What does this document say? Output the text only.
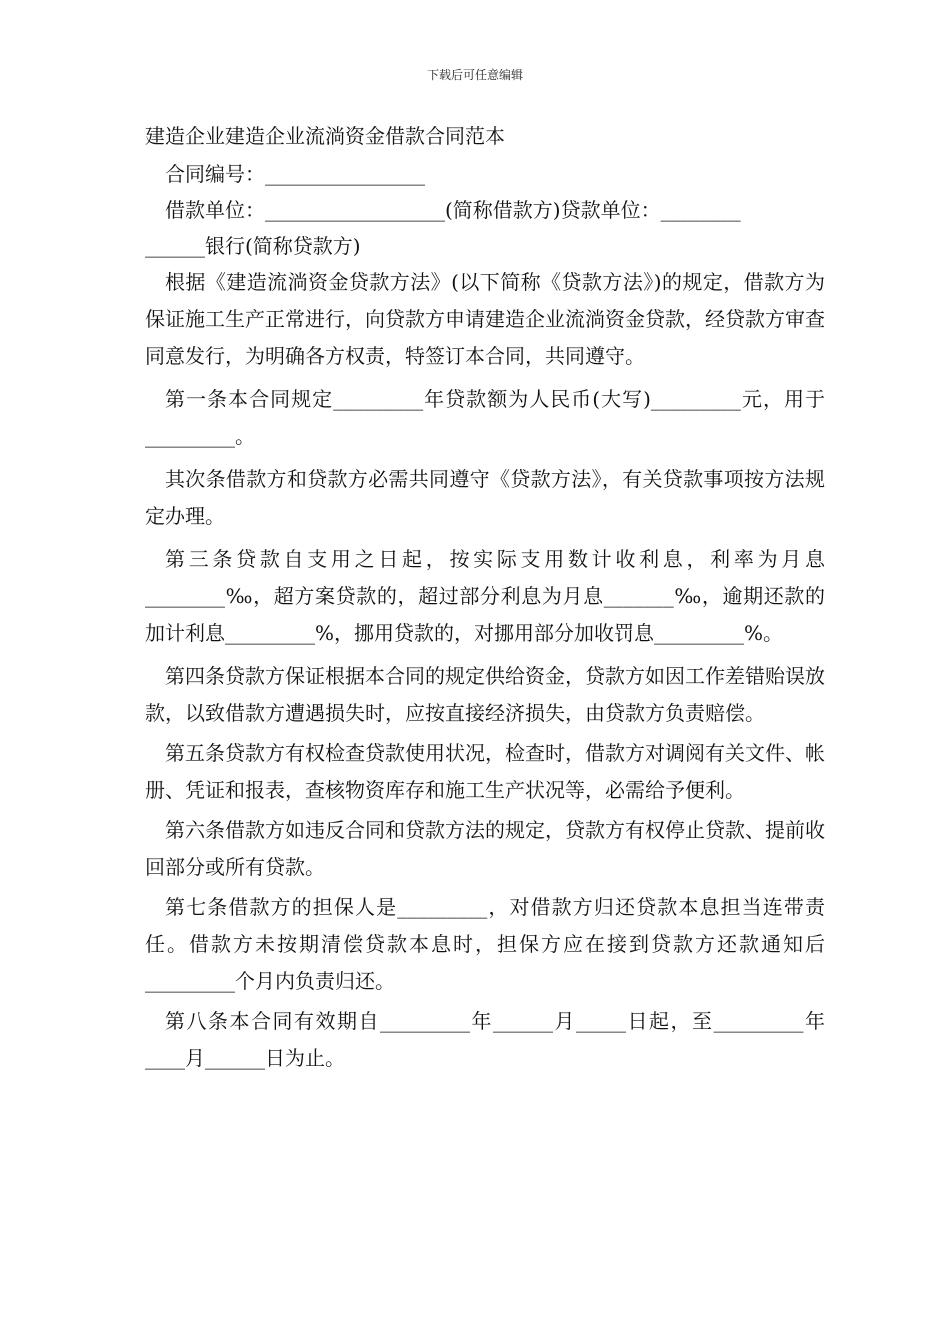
下载后可任意编辑
建造企业建造企业流淌资金借款合同范本
合同编号：________________
借款单位：__________________(简称借款方)贷款单位：________
______银行(简称贷款方)

根据《建造流淌资金贷款方法》(以下简称《贷款方法》)的规定，借款方为保证施工生产正常进行，向贷款方申请建造企业流淌资金贷款，经贷款方审查同意发行，为明确各方权责，特签订本合同，共同遵守。

第一条本合同规定_________年贷款额为人民币(大写)_________元，用于_________。

其次条借款方和贷款方必需共同遵守《贷款方法》，有关贷款事项按方法规定办理。

第三条贷款自支用之日起，按实际支用数计收利息，利率为月息________‰，超方案贷款的，超过部分利息为月息_______‰，逾期还款的加计利息_________%，挪用贷款的，对挪用部分加收罚息_________%。

第四条贷款方保证根据本合同的规定供给资金，贷款方如因工作差错贻误放款，以致借款方遭遇损失时，应按直接经济损失，由贷款方负责赔偿。

第五条贷款方有权检查贷款使用状况，检查时，借款方对调阅有关文件、帐册、凭证和报表，查核物资库存和施工生产状况等，必需给予便利。

第六条借款方如违反合同和贷款方法的规定，贷款方有权停止贷款、提前收回部分或所有贷款。

第七条借款方的担保人是_________，对借款方归还贷款本息担当连带责任。借款方未按期清偿贷款本息时，担保方应在接到贷款方还款通知后_________个月内负责归还。

第八条本合同有效期自_________年______月_____日起，至_________年____月______日为止。
